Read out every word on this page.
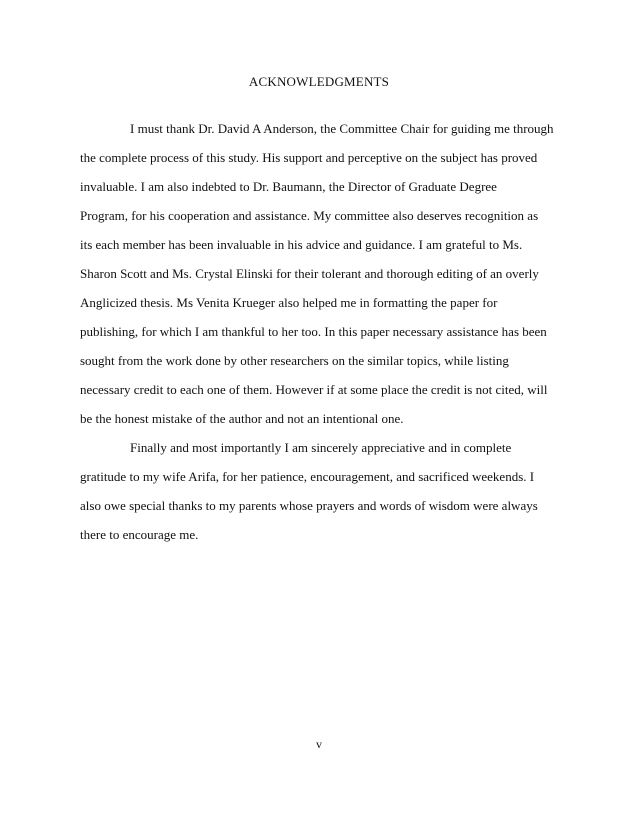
ACKNOWLEDGMENTS
I must thank Dr. David A Anderson, the Committee Chair for guiding me through
the complete process of this study. His support and perceptive on the subject has proved
invaluable. I am also indebted to Dr. Baumann, the Director of Graduate Degree
Program, for his cooperation and assistance. My committee also deserves recognition as
its each member has been invaluable in his advice and guidance. I am grateful to Ms.
Sharon Scott and Ms. Crystal Elinski for their tolerant and thorough editing of an overly
Anglicized thesis. Ms Venita Krueger also helped me in formatting the paper for
publishing, for which I am thankful to her too. In this paper necessary assistance has been
sought from the work done by other researchers on the similar topics, while listing
necessary credit to each one of them. However if at some place the credit is not cited, will
be the honest mistake of the author and not an intentional one.
Finally and most importantly I am sincerely appreciative and in complete
gratitude to my wife Arifa, for her patience, encouragement, and sacrificed weekends. I
also owe special thanks to my parents whose prayers and words of wisdom were always
there to encourage me.
v
